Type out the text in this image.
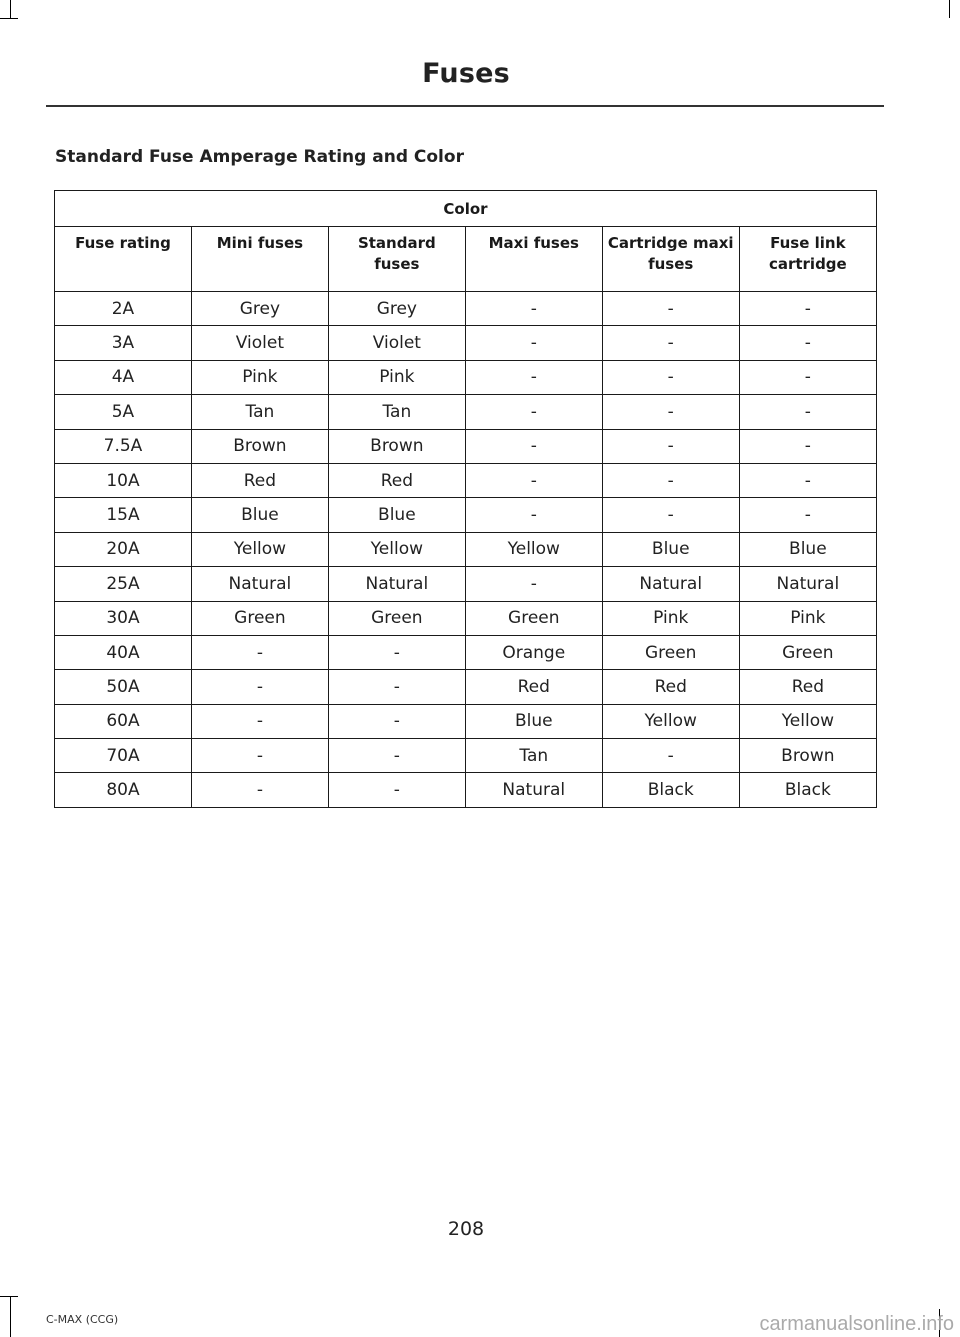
Fuses
Standard Fuse Amperage Rating and Color
Color					
Fuse rating	Mini fuses	Standard fuses	Maxi fuses	Cartridge maxi fuses	Fuse link cartridge
2A	Grey	Grey	-	-	-
3A	Violet	Violet	-	-	-
4A	Pink	Pink	-	-	-
5A	Tan	Tan	-	-	-
7.5A	Brown	Brown	-	-	-
10A	Red	Red	-	-	-
15A	Blue	Blue	-	-	-
20A	Yellow	Yellow	Yellow	Blue	Blue
25A	Natural	Natural	-	Natural	Natural
30A	Green	Green	Green	Pink	Pink
40A	-	-	Orange	Green	Green
50A	-	-	Red	Red	Red
60A	-	-	Blue	Yellow	Yellow
70A	-	-	Tan	-	Brown
80A	-	-	Natural	Black	Black
208
C-MAX (CCG)	carmanualsonline.info
